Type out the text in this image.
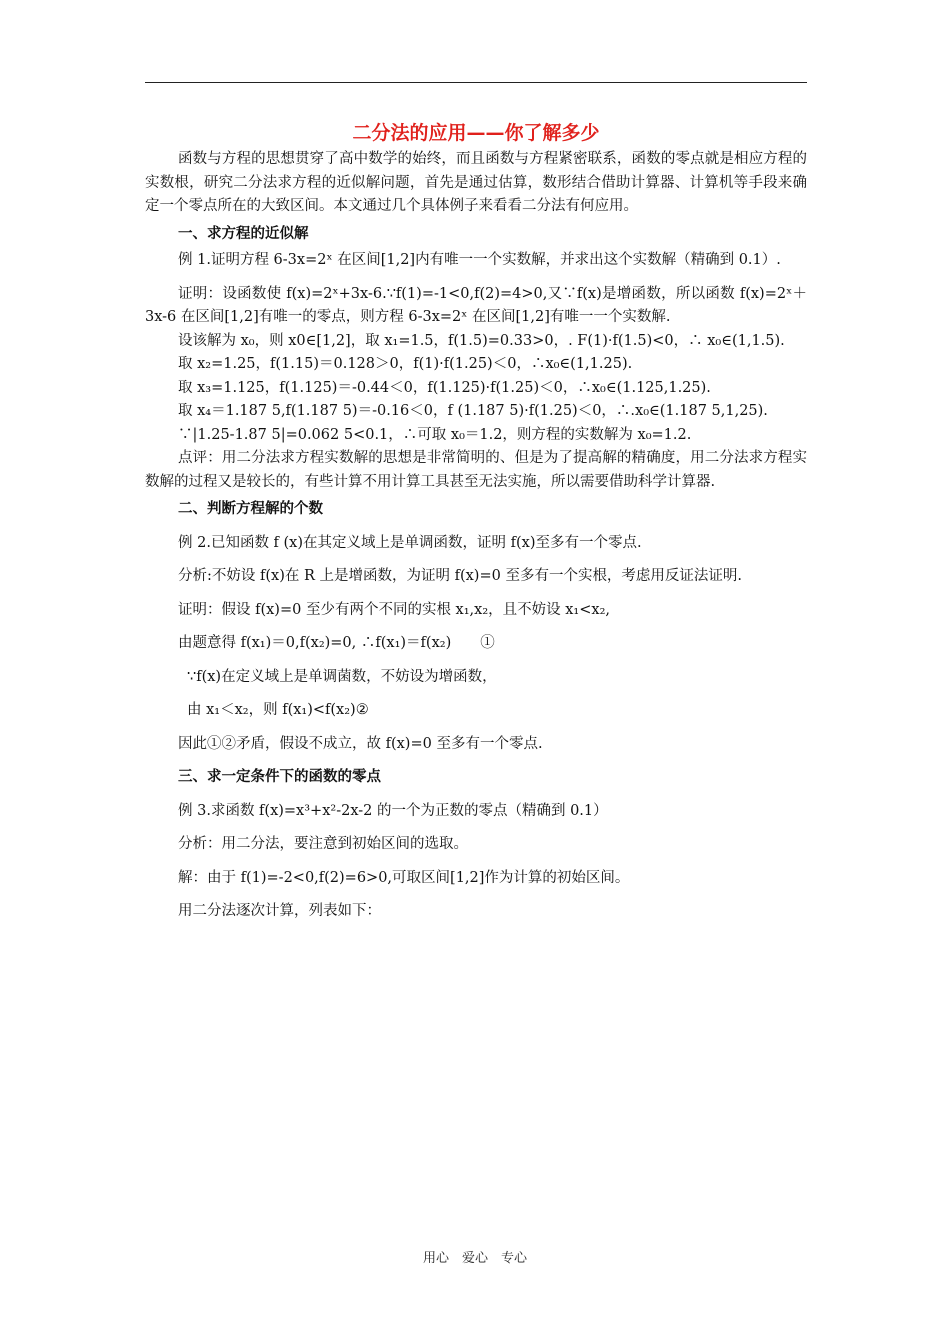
二分法的应用——你了解多少

函数与方程的思想贯穿了高中数学的始终，而且函数与方程紧密联系，函数的零点就是相应方程的实数根，研究二分法求方程的近似解问题，首先是通过估算，数形结合借助计算器、计算机等手段来确定一个零点所在的大致区间。本文通过几个具体例子来看看二分法有何应用。

一、求方程的近似解

例 1.证明方程 6-3x=2ˣ 在区间[1,2]内有唯一一个实数解，并求出这个实数解（精确到 0.1）.

证明：设函数使 f(x)=2ˣ+3x-6.∵f(1)=-1<0,f(2)=4>0,又∵f(x)是增函数，所以函数 f(x)=2ˣ＋3x-6 在区间[1,2]有唯一的零点，则方程 6-3x=2ˣ 在区间[1,2]有唯一一个实数解.

设该解为 x₀，则 x0∈[1,2]，取 x₁=1.5，f(1.5)=0.33>0，. F(1)·f(1.5)<0，∴ x₀∈(1,1.5).

取 x₂=1.25，f(1.15)＝0.128＞0，f(1)·f(1.25)＜0，∴x₀∈(1,1.25).

取 x₃=1.125，f(1.125)＝-0.44＜0，f(1.125)·f(1.25)＜0，∴x₀∈(1.125,1.25).

取 x₄＝1.187 5,f(1.187 5)＝-0.16＜0，f (1.187 5)·f(1.25)＜0，∴.x₀∈(1.187 5,1,25).

∵|1.25-1.87 5|=0.062 5<0.1，∴可取 x₀＝1.2，则方程的实数解为 x₀=1.2.

点评：用二分法求方程实数解的思想是非常简明的、但是为了提高解的精确度，用二分法求方程实数解的过程又是较长的，有些计算不用计算工具甚至无法实施，所以需要借助科学计算器.

二、判断方程解的个数

例 2.已知函数 f (x)在其定义域上是单调函数，证明 f(x)至多有一个零点.

分析:不妨设 f(x)在 R 上是增函数，为证明 f(x)=0 至多有一个实根，考虑用反证法证明.

证明：假设 f(x)=0 至少有两个不同的实根 x₁,x₂，且不妨设 x₁<x₂,

由题意得 f(x₁)＝0,f(x₂)=0, ∴f(x₁)＝f(x₂)　　①

∵f(x)在定义域上是单调菌数，不妨设为增函数，

由 x₁＜x₂，则 f(x₁)<f(x₂)②

因此①②矛盾，假设不成立，故 f(x)=0 至多有一个零点.

三、求一定条件下的函数的零点

例 3.求函数 f(x)=x³+x²-2x-2 的一个为正数的零点（精确到 0.1）

分析：用二分法，要注意到初始区间的选取。

解：由于 f(1)=-2<0,f(2)=6>0,可取区间[1,2]作为计算的初始区间。

用二分法逐次计算，列表如下：

用心　爱心　专心
